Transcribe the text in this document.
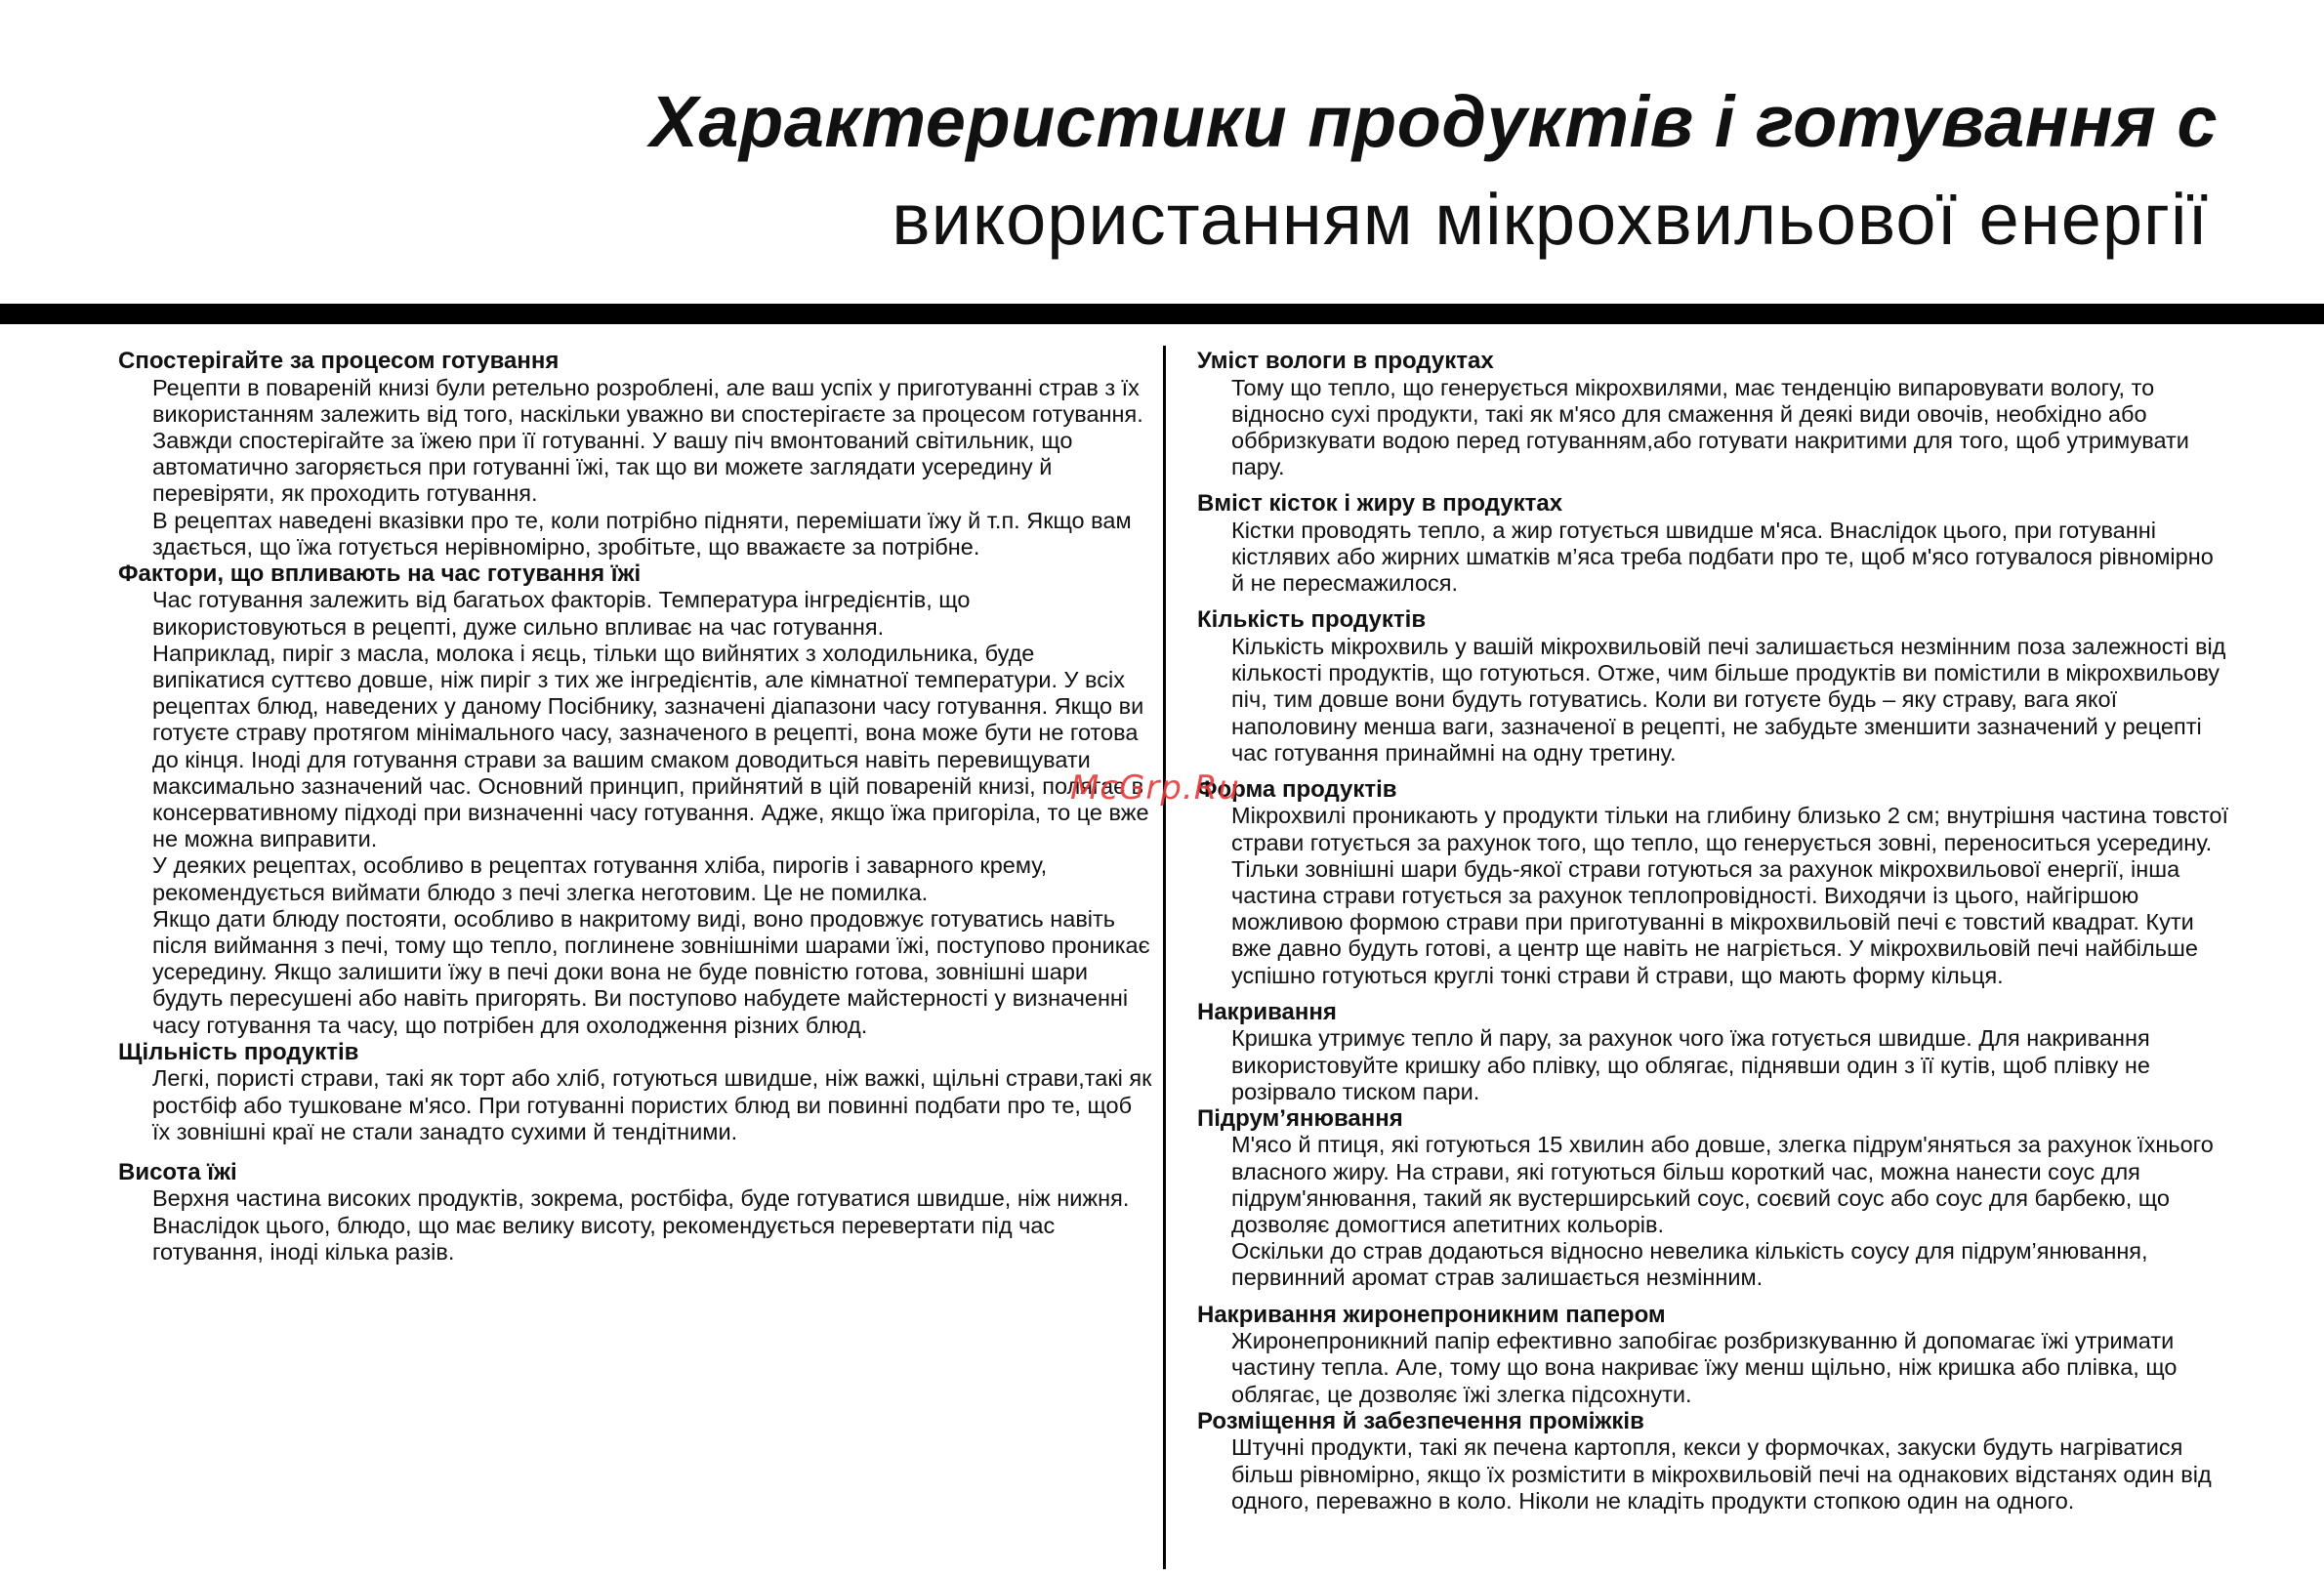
Характеристики продуктів і готування с
використанням мікрохвильової енергії
Спостерігайте за процесом готування

Рецепти в повареній книзі були ретельно розроблені, але ваш успіх у приготуванні страв з їх використанням залежить від того, наскільки уважно ви спостерігаєте за процесом готування. Завжди спостерігайте за їжею при її готуванні. У вашу піч вмонтований світильник, що автоматично загоряється при готуванні їжі, так що ви можете заглядати усередину й перевіряти, як проходить готування.

В рецептах наведені вказівки про те, коли потрібно підняти, перемішати їжу й т.п. Якщо вам здається, що їжа готується нерівномірно, зробітьте, що вважаєте за потрібне.

Фактори, що впливають на час готування їжі

Час готування залежить від багатьох факторів. Температура інгредієнтів, що використовуються в рецепті, дуже сильно впливає на час готування.

Наприклад, пиріг з масла, молока і яєць, тільки що вийнятих з холодильника, буде випікатися суттєво довше, ніж пиріг з тих же інгредієнтів, але кімнатної температури. У всіх рецептах блюд, наведених у даному Посібнику, зазначені діапазони часу готування. Якщо ви готуєте страву протягом мінімального часу, зазначеного в рецепті, вона може бути не готова до кінця. Іноді для готування страви за вашим смаком доводиться навіть перевищувати максимально зазначений час. Основний принцип, прийнятий в цій повареній книзі, полягає в консервативному підході при визначенні часу готування. Адже, якщо їжа пригоріла, то це вже не можна виправити.

У деяких рецептах, особливо в рецептах готування хліба, пирогів і заварного крему, рекомендується виймати блюдо з печі злегка неготовим. Це не помилка.

Якщо дати блюду постояти, особливо в накритому виді, воно продовжує готуватись навіть після виймання з печі, тому що тепло, поглинене зовнішніми шарами їжі, поступово проникає усередину. Якщо залишити їжу в печі доки вона не буде повністю готова, зовнішні шари будуть пересушені або навіть пригорять. Ви поступово набудете майстерності у визначенні часу готування та часу, що потрібен для охолодження різних блюд.

Щільність продуктів

Легкі, пористі страви, такі як торт або хліб, готуються швидше, ніж важкі, щільні страви,такі як ростбіф або тушковане м'ясо. При готуванні пористих блюд ви повинні подбати про те, щоб їх зовнішні краї не стали занадто сухими й тендітними.

Висота їжі

Верхня частина високих продуктів, зокрема, ростбіфа, буде готуватися швидше, ніж нижня. Внаслідок цього, блюдо, що має велику висоту, рекомендується перевертати під час готування, іноді кілька разів.

Уміст вологи в продуктах

Тому що тепло, що генерується мікрохвилями, має тенденцію випаровувати вологу, то відносно сухі продукти, такі як м'ясо для смаження й деякі види овочів, необхідно або оббризкувати водою перед готуванням,або готувати накритими для того, щоб утримувати пару.

Вміст кісток і жиру в продуктах

Кістки проводять тепло, а жир готується швидше м'яса. Внаслідок цього, при готуванні кістлявих або жирних шматків м’яса треба подбати про те, щоб м'ясо готувалося рівномірно й не пересмажилося.

Кількість продуктів

Кількість мікрохвиль у вашій мікрохвильовій печі залишається незмінним поза залежності від кількості продуктів, що готуються. Отже, чим більше продуктів ви помістили в мікрохвильову піч, тим довше вони будуть готуватись. Коли ви готуєте будь – яку страву, вага якої наполовину менша ваги, зазначеної в рецепті, не забудьте зменшити зазначений у рецепті час готування принаймні на одну третину.

Форма продуктів

Мікрохвилі проникають у продукти тільки на глибину близько 2 см; внутрішня частина товстої страви готується за рахунок того, що тепло, що генерується зовні, переноситься усередину. Тільки зовнішні шари будь-якої страви готуються за рахунок мікрохвильової енергії, інша частина страви готується за рахунок теплопровідності. Виходячи із цього, найгіршою можливою формою страви при приготуванні в мікрохвильовій печі є товстий квадрат. Кути вже давно будуть готові, а центр ще навіть не нагріється. У мікрохвильовій печі найбільше успішно готуються круглі тонкі страви й страви, що мають форму кільця.

Накривання

Кришка утримує тепло й пару, за рахунок чого їжа готується швидше. Для накривання використовуйте кришку або плівку, що облягає, піднявши один з її кутів, щоб плівку не розірвало тиском пари.

Підрум’янювання

М'ясо й птиця, які готуються 15 хвилин або довше, злегка підрум'яняться за рахунок їхнього власного жиру. На страви, які готуються більш короткий час, можна нанести соус для підрум'янювання, такий як вустерширський соус, соєвий соус або соус для барбекю, що дозволяє домогтися апетитних кольорів.

Оскільки до страв додаються відносно невелика кількість соусу для підрум’янювання, первинний аромат страв залишається незмінним.

Накривання жиронепроникним папером

Жиронепроникний папір ефективно запобігає розбризкуванню й допомагає їжі утримати частину тепла. Але, тому що вона накриває їжу менш щільно, ніж кришка або плівка, що облягає, це дозволяє їжі злегка підсохнути.

Розміщення й забезпечення проміжків

Штучні продукти, такі як печена картопля, кекси у формочках, закуски будуть нагріватися більш рівномірно, якщо їх розмістити в мікрохвильовій печі на однакових відстанях один від одного, переважно в коло. Ніколи не кладіть продукти стопкою один на одного.

McGrp.Ru
